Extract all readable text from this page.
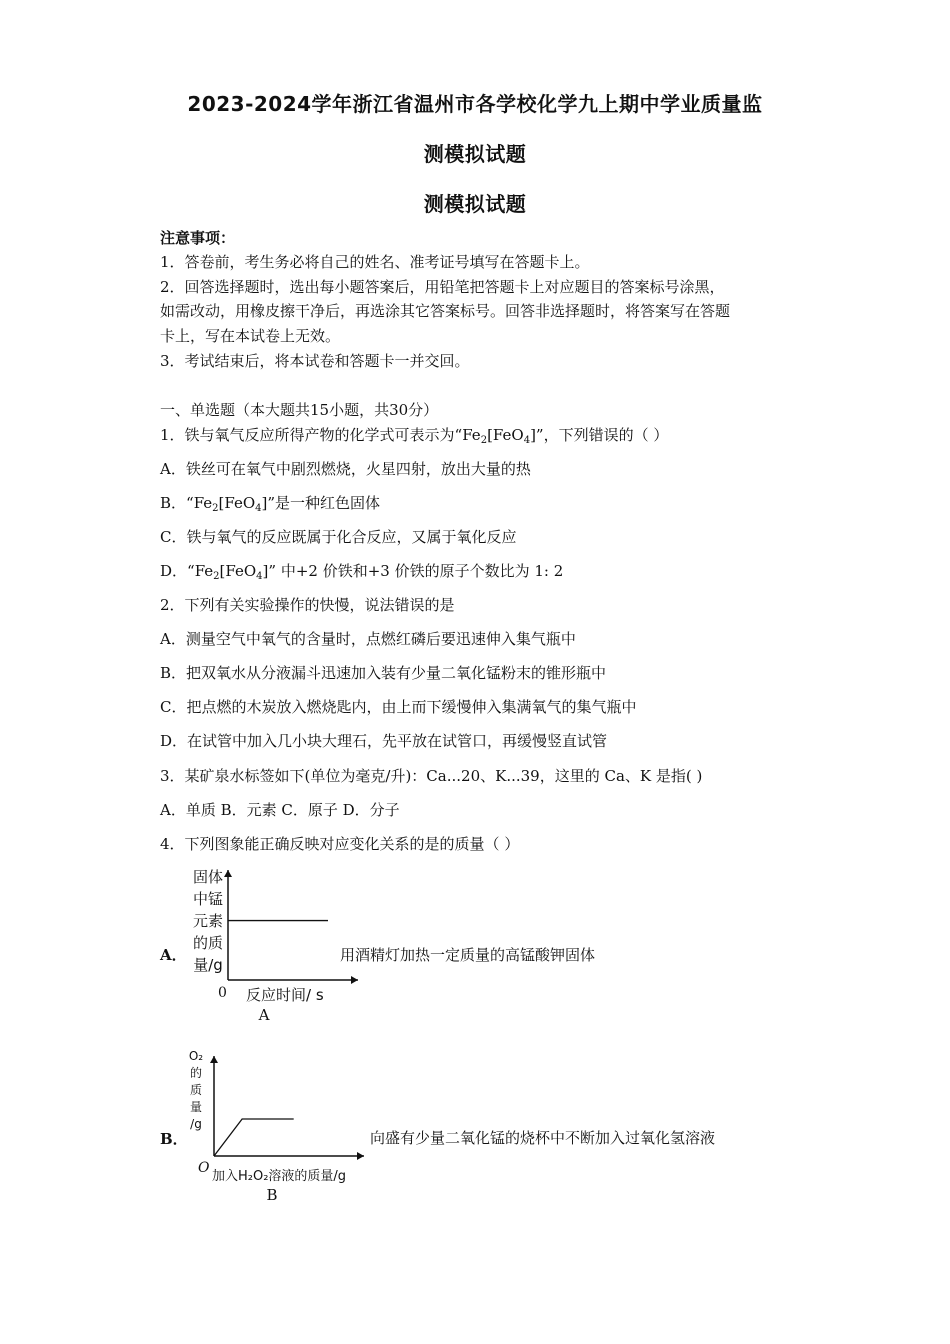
2023-2024学年浙江省温州市各学校化学九上期中学业质量监
测模拟试题
测模拟试题
注意事项：
1．答卷前，考生务必将自己的姓名、准考证号填写在答题卡上。
2．回答选择题时，选出每小题答案后，用铅笔把答题卡上对应题目的答案标号涂黑，
如需改动，用橡皮擦干净后，再选涂其它答案标号。回答非选择题时，将答案写在答题
卡上，写在本试卷上无效。
3．考试结束后，将本试卷和答题卡一并交回。
一、单选题（本大题共15小题，共30分）
1．铁与氧气反应所得产物的化学式可表示为“$Fe_2[FeO_4]$”，下列错误的（ ）
A．铁丝可在氧气中剧烈燃烧，火星四射，放出大量的热
B．“$Fe_2[FeO_4]$”是一种红色固体
C．铁与氧气的反应既属于化合反应，又属于氧化反应
D．“$Fe_2[FeO_4]$” 中+2 价铁和+3 价铁的原子个数比为 1: 2
2．下列有关实验操作的快慢，说法错误的是
A．测量空气中氧气的含量时，点燃红磷后要迅速伸入集气瓶中
B．把双氧水从分液漏斗迅速加入装有少量二氧化锰粉末的锥形瓶中
C．把点燃的木炭放入燃烧匙内，由上而下缓慢伸入集满氧气的集气瓶中
D．在试管中加入几小块大理石，先平放在试管口，再缓慢竖直试管
3．某矿泉水标签如下(单位为毫克/升)：Ca...20、K...39，这里的 Ca、K 是指( )
A．单质 B．元素 C．原子 D．分子
4．下列图象能正确反映对应变化关系的是的质量（ ）
A．
固体
中锰
元素
的质
量/g
反应时间/ s
0
A
用酒精灯加热一定质量的高锰酸钾固体
B．
O₂
的
质
量
/g
加入H₂O₂溶液的质量/g
O
B
向盛有少量二氧化锰的烧杯中不断加入过氧化氢溶液
